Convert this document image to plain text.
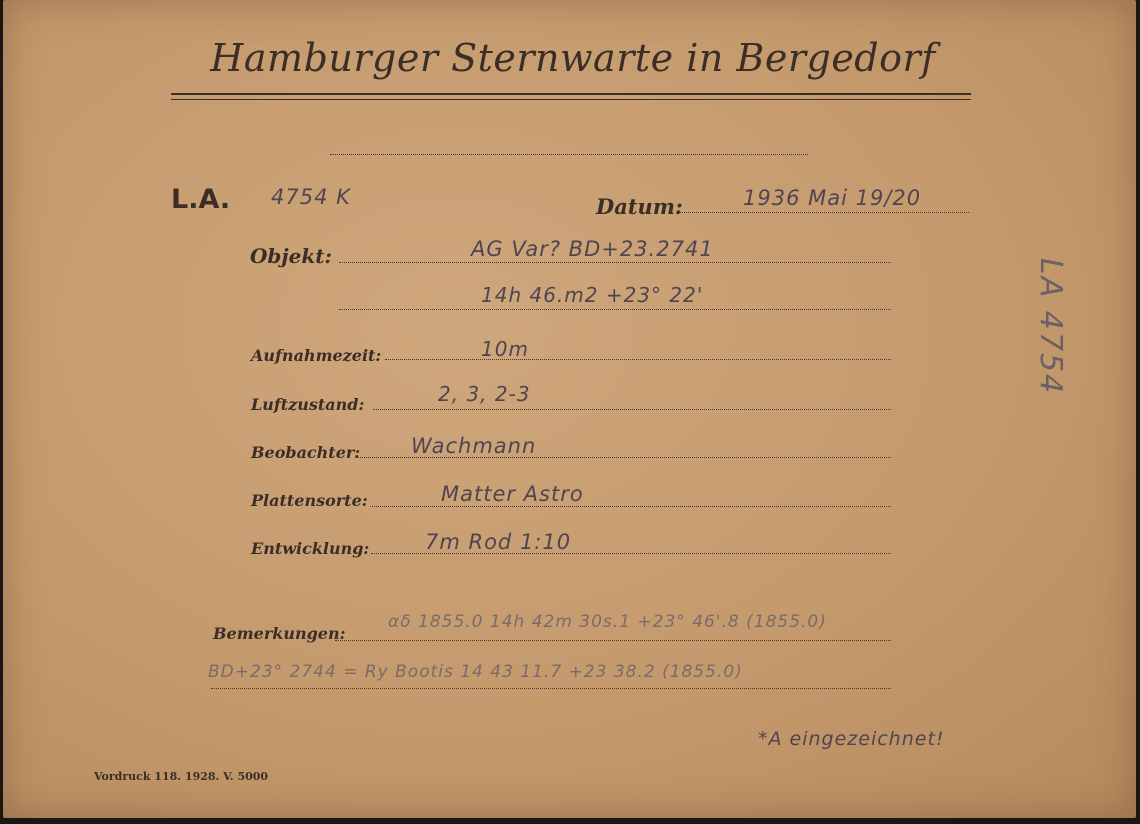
Hamburger Sternwarte in Bergedorf
L.A. 4754 K	Datum:	1936 Mai 19/20
Objekt:	AG Var? BD+23.2741
14h 46.m2 +23° 22'
Aufnahmezeit:	10m
Luftzustand:	2, 3, 2-3
Beobachter: Wachmann
Plattensorte:	Matter Astro
Entwicklung:	7m Rod 1:10
Bemerkungen:
αδ 1855.0 14h 42m 30s.1 +23° 46'.8 (1855.0)
BD+23° 2744 = Ry Bootis 14 43 11.7 +23 38.2 (1855.0)
*A eingezeichnet!
LA 4754
Vordruck 118. 1928. V. 5000
